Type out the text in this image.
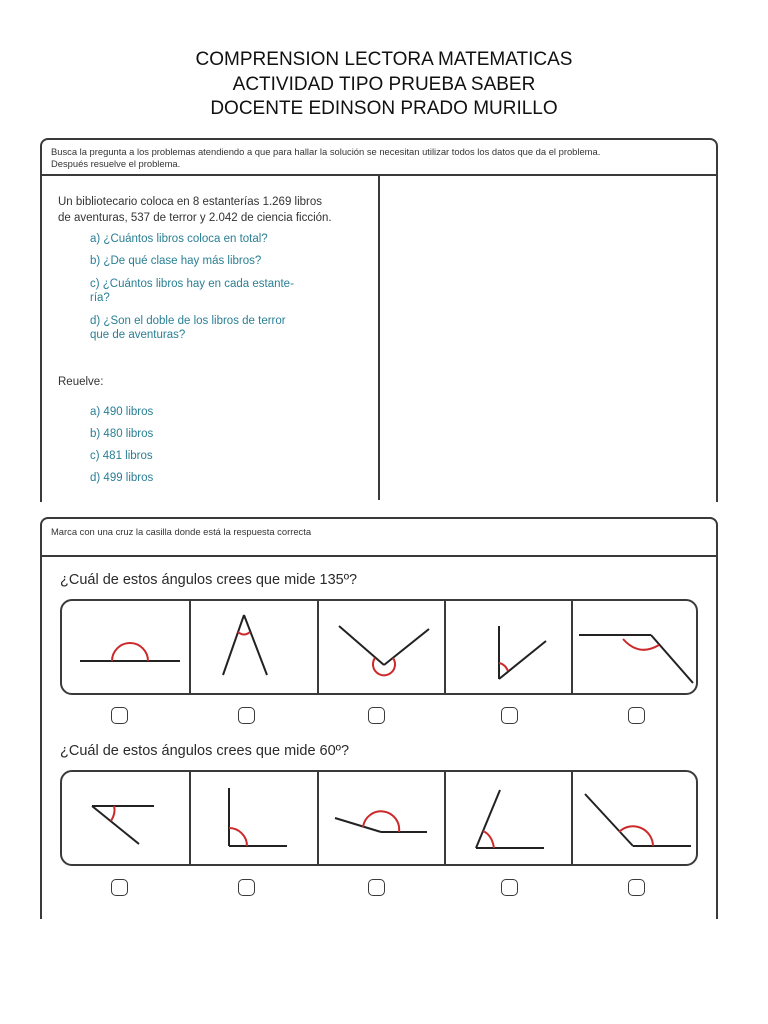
COMPRENSION LECTORA MATEMATICAS
ACTIVIDAD TIPO PRUEBA SABER
DOCENTE EDINSON PRADO MURILLO
Busca la pregunta a los problemas atendiendo a que para hallar la solución se necesitan utilizar todos los datos que da el problema.
Después resuelve el problema.
Un bibliotecario coloca en 8 estanterías 1.269 libros
de aventuras, 537 de terror y 2.042 de ciencia ficción.
a) ¿Cuántos libros coloca en total?
b) ¿De qué clase hay más libros?
c) ¿Cuántos libros hay en cada estante-
ría?
d) ¿Son el doble de los libros de terror
que de aventuras?
Reuelve:
a) 490 libros
b) 480 libros
c) 481 libros
d) 499 libros
Marca con una cruz la casilla donde está la respuesta correcta
¿Cuál de estos ángulos crees que mide 135º?
¿Cuál de estos ángulos crees que mide 60º?
